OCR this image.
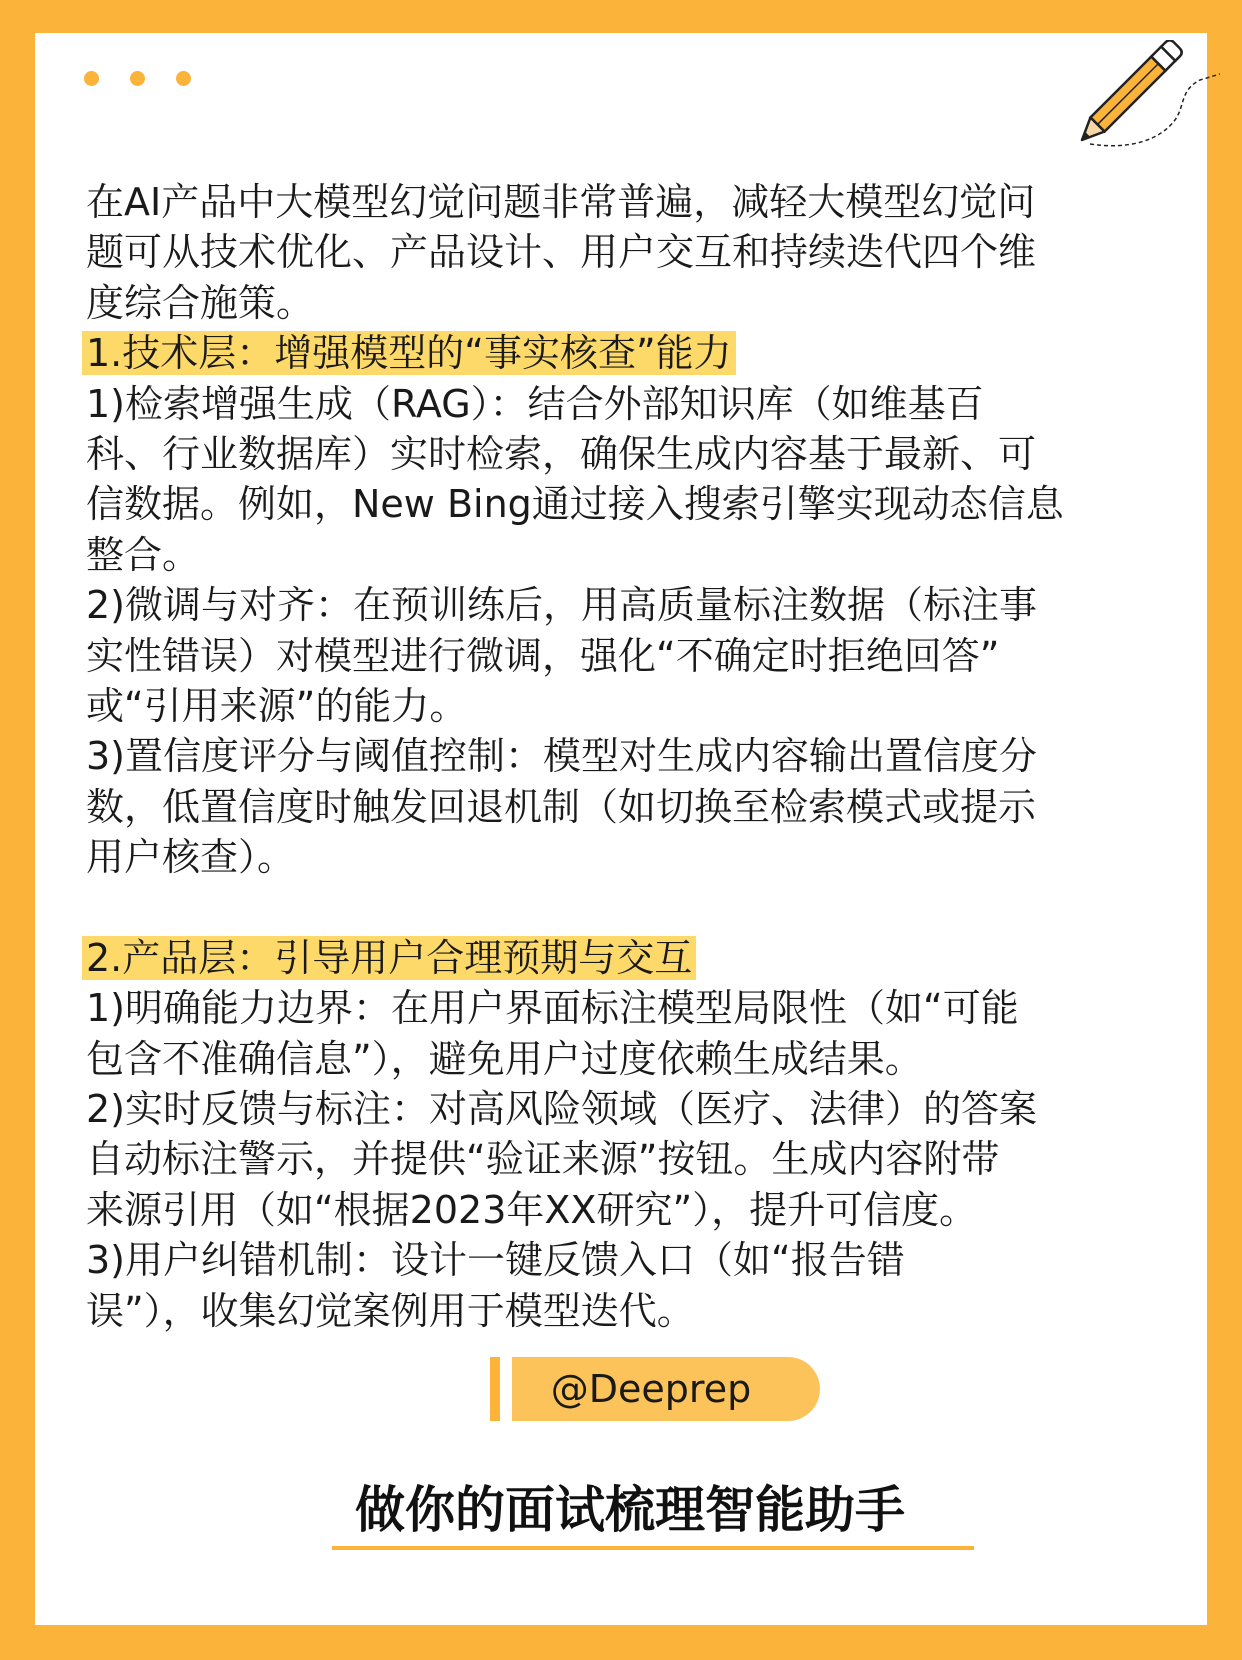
在AI产品中大模型幻觉问题非常普遍，减轻大模型幻觉问
题可从技术优化、产品设计、用户交互和持续迭代四个维
度综合施策。
1.技术层：增强模型的“事实核查”能力
1)检索增强生成（RAG）：结合外部知识库（如维基百
科、行业数据库）实时检索，确保生成内容基于最新、可
信数据。例如，New Bing通过接入搜索引擎实现动态信息
整合。
2)微调与对齐：在预训练后，用高质量标注数据（标注事
实性错误）对模型进行微调，强化“不确定时拒绝回答”
或“引用来源”的能力。
3)置信度评分与阈值控制：模型对生成内容输出置信度分
数，低置信度时触发回退机制（如切换至检索模式或提示
用户核查）。
2.产品层：引导用户合理预期与交互
1)明确能力边界：在用户界面标注模型局限性（如“可能
包含不准确信息”），避免用户过度依赖生成结果。
2)实时反馈与标注：对高风险领域（医疗、法律）的答案
自动标注警示，并提供“验证来源”按钮。生成内容附带
来源引用（如“根据2023年XX研究”），提升可信度。
3)用户纠错机制：设计一键反馈入口（如“报告错
误”），收集幻觉案例用于模型迭代。
@Deeprep
做你的面试梳理智能助手
